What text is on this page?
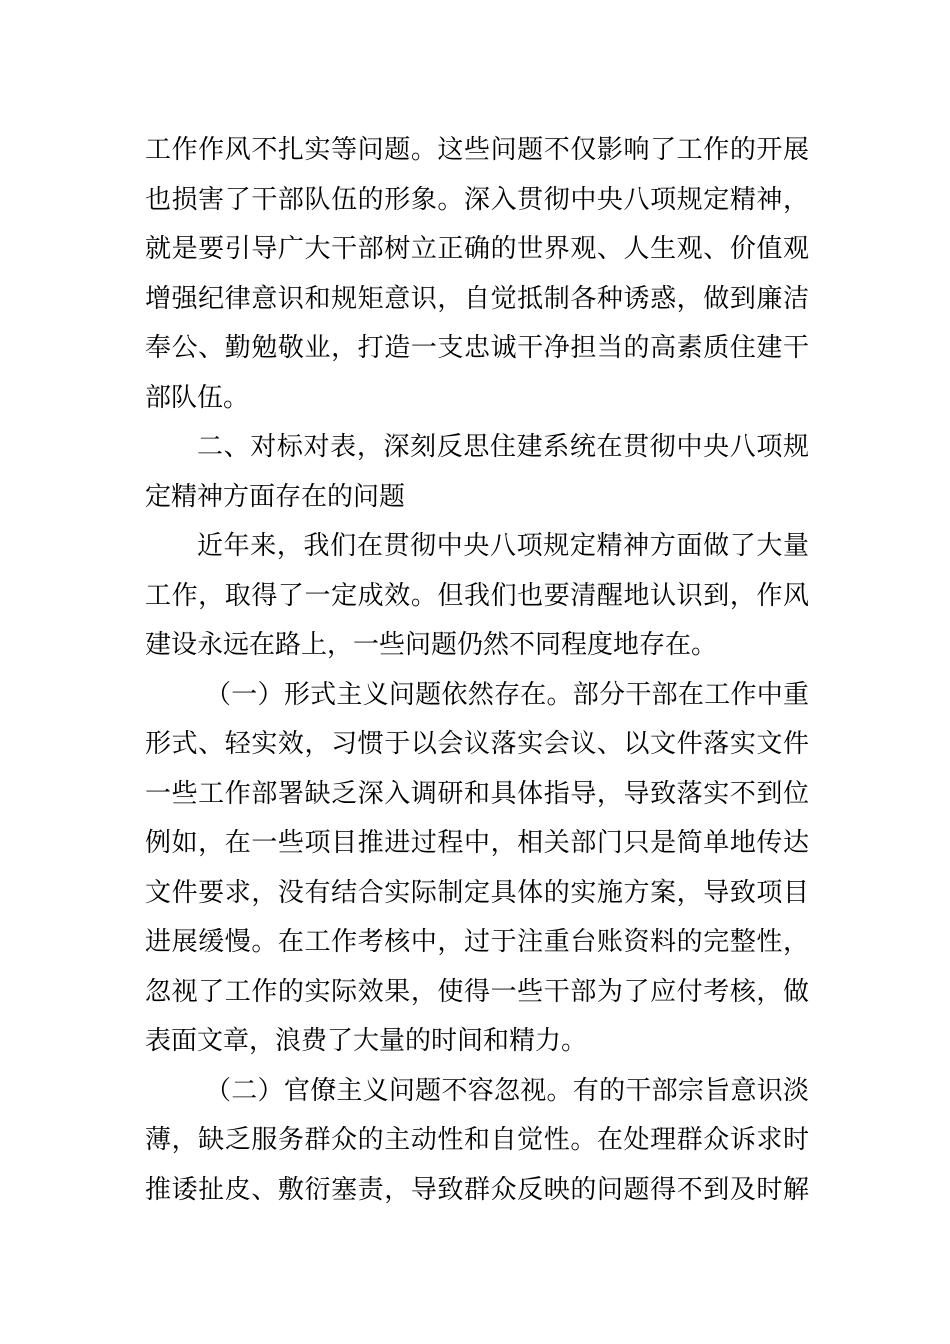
工作作风不扎实等问题。这些问题不仅影响了工作的开展
也损害了干部队伍的形象。深入贯彻中央八项规定精神，
就是要引导广大干部树立正确的世界观、人生观、价值观
增强纪律意识和规矩意识，自觉抵制各种诱惑，做到廉洁
奉公、勤勉敬业，打造一支忠诚干净担当的高素质住建干
部队伍。
二、对标对表，深刻反思住建系统在贯彻中央八项规
定精神方面存在的问题
近年来，我们在贯彻中央八项规定精神方面做了大量
工作，取得了一定成效。但我们也要清醒地认识到，作风
建设永远在路上，一些问题仍然不同程度地存在。
（一）形式主义问题依然存在。部分干部在工作中重
形式、轻实效，习惯于以会议落实会议、以文件落实文件
一些工作部署缺乏深入调研和具体指导，导致落实不到位
例如，在一些项目推进过程中，相关部门只是简单地传达
文件要求，没有结合实际制定具体的实施方案，导致项目
进展缓慢。在工作考核中，过于注重台账资料的完整性，
忽视了工作的实际效果，使得一些干部为了应付考核，做
表面文章，浪费了大量的时间和精力。
（二）官僚主义问题不容忽视。有的干部宗旨意识淡
薄，缺乏服务群众的主动性和自觉性。在处理群众诉求时
推诿扯皮、敷衍塞责，导致群众反映的问题得不到及时解
